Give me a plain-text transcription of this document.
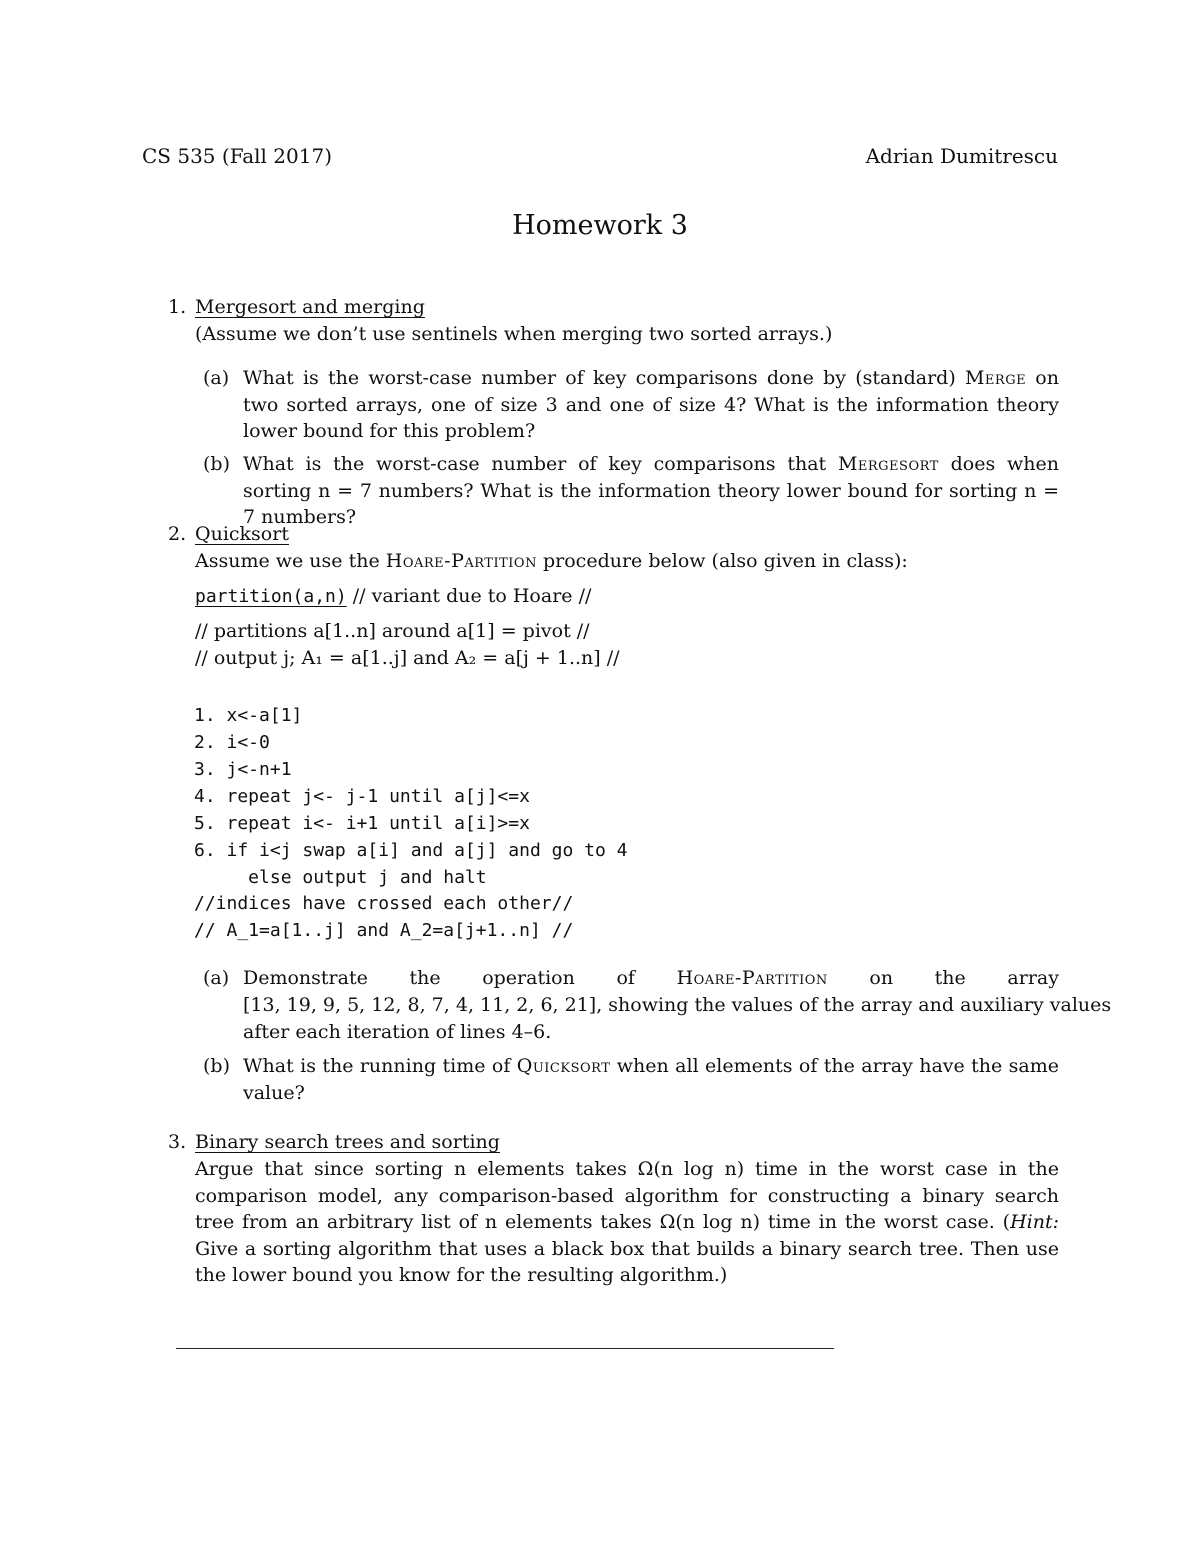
CS 535 (Fall 2017)	Adrian Dumitrescu
Homework 3
1. Mergesort and merging
(Assume we don’t use sentinels when merging two sorted arrays.)
(a) What is the worst-case number of key comparisons done by (standard) Merge on two sorted arrays, one of size 3 and one of size 4? What is the information theory lower bound for this problem?
(b) What is the worst-case number of key comparisons that Mergesort does when sorting n = 7 numbers? What is the information theory lower bound for sorting n = 7 numbers?
2. Quicksort
Assume we use the Hoare-Partition procedure below (also given in class):
partition(a,n) // variant due to Hoare //
// partitions a[1..n] around a[1] = pivot //
// output j; A₁ = a[1..j] and A₂ = a[j + 1..n] //
1. x<-a[1]
2. i<-0
3. j<-n+1
4. repeat j<- j-1 until a[j]<=x
5. repeat i<- i+1 until a[i]>=x
6. if i<j swap a[i] and a[j] and go to 4
else output j and halt
//indices have crossed each other//
// A_1=a[1..j] and A_2=a[j+1..n] //
(a) Demonstrate the operation of Hoare-Partition on the array
[13, 19, 9, 5, 12, 8, 7, 4, 11, 2, 6, 21], showing the values of the array and auxiliary values
after each iteration of lines 4–6.
(b) What is the running time of Quicksort when all elements of the array have the same value?
3. Binary search trees and sorting
Argue that since sorting n elements takes Ω(n log n) time in the worst case in the comparison model, any comparison-based algorithm for constructing a binary search tree from an arbitrary list of n elements takes Ω(n log n) time in the worst case. (Hint: Give a sorting algorithm that uses a black box that builds a binary search tree. Then use the lower bound you know for the resulting algorithm.)
